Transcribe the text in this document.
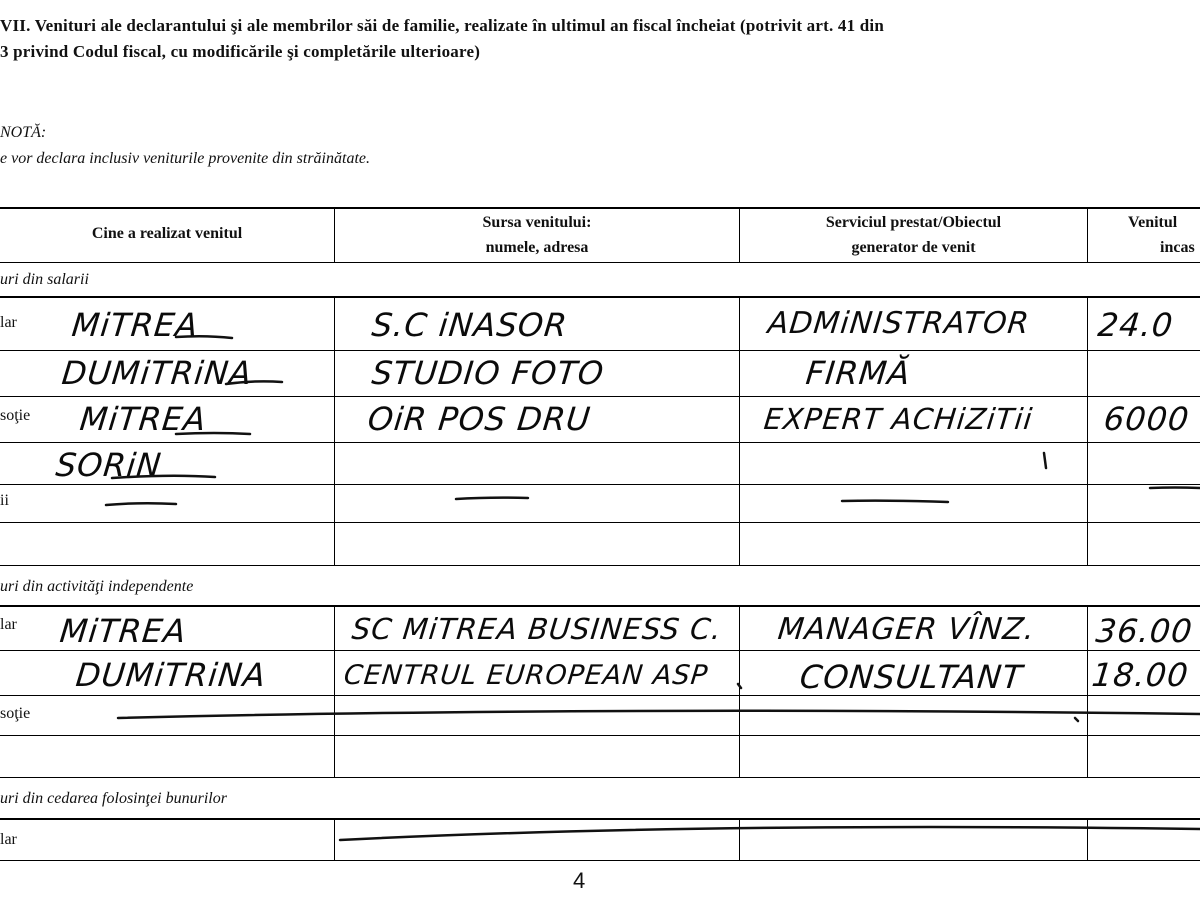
VII. Venituri ale declarantului şi ale membrilor săi de familie, realizate în ultimul an fiscal încheiat (potrivit art. 41 din
3 privind Codul fiscal, cu modificările şi completările ulterioare)
NOTĂ:
e vor declara inclusiv veniturile provenite din străinătate.
Cine a realizat venitul
Sursa venitului:
numele, adresa
Serviciul prestat/Obiectul
generator de venit
Venitul
incas
uri din salarii
uri din activităţi independente
uri din cedarea folosinţei bunurilor
lar
soţie
ii
lar
soţie
lar
MiTREA
DUMiTRiNA
S.C iNASOR
STUDIO FOTO
ADMiNISTRATOR
FIRMĂ
24.0
MiTREA
SORiN
OiR POS DRU	EXPERT ACHiZiTii 6000
MiTREA
DUMiTRiNA
SC MiTREA BUSINESS C.
CENTRUL EUROPEAN ASP
MANAGER VÎNZ.
CONSULTANT
36.00
18.00
4
